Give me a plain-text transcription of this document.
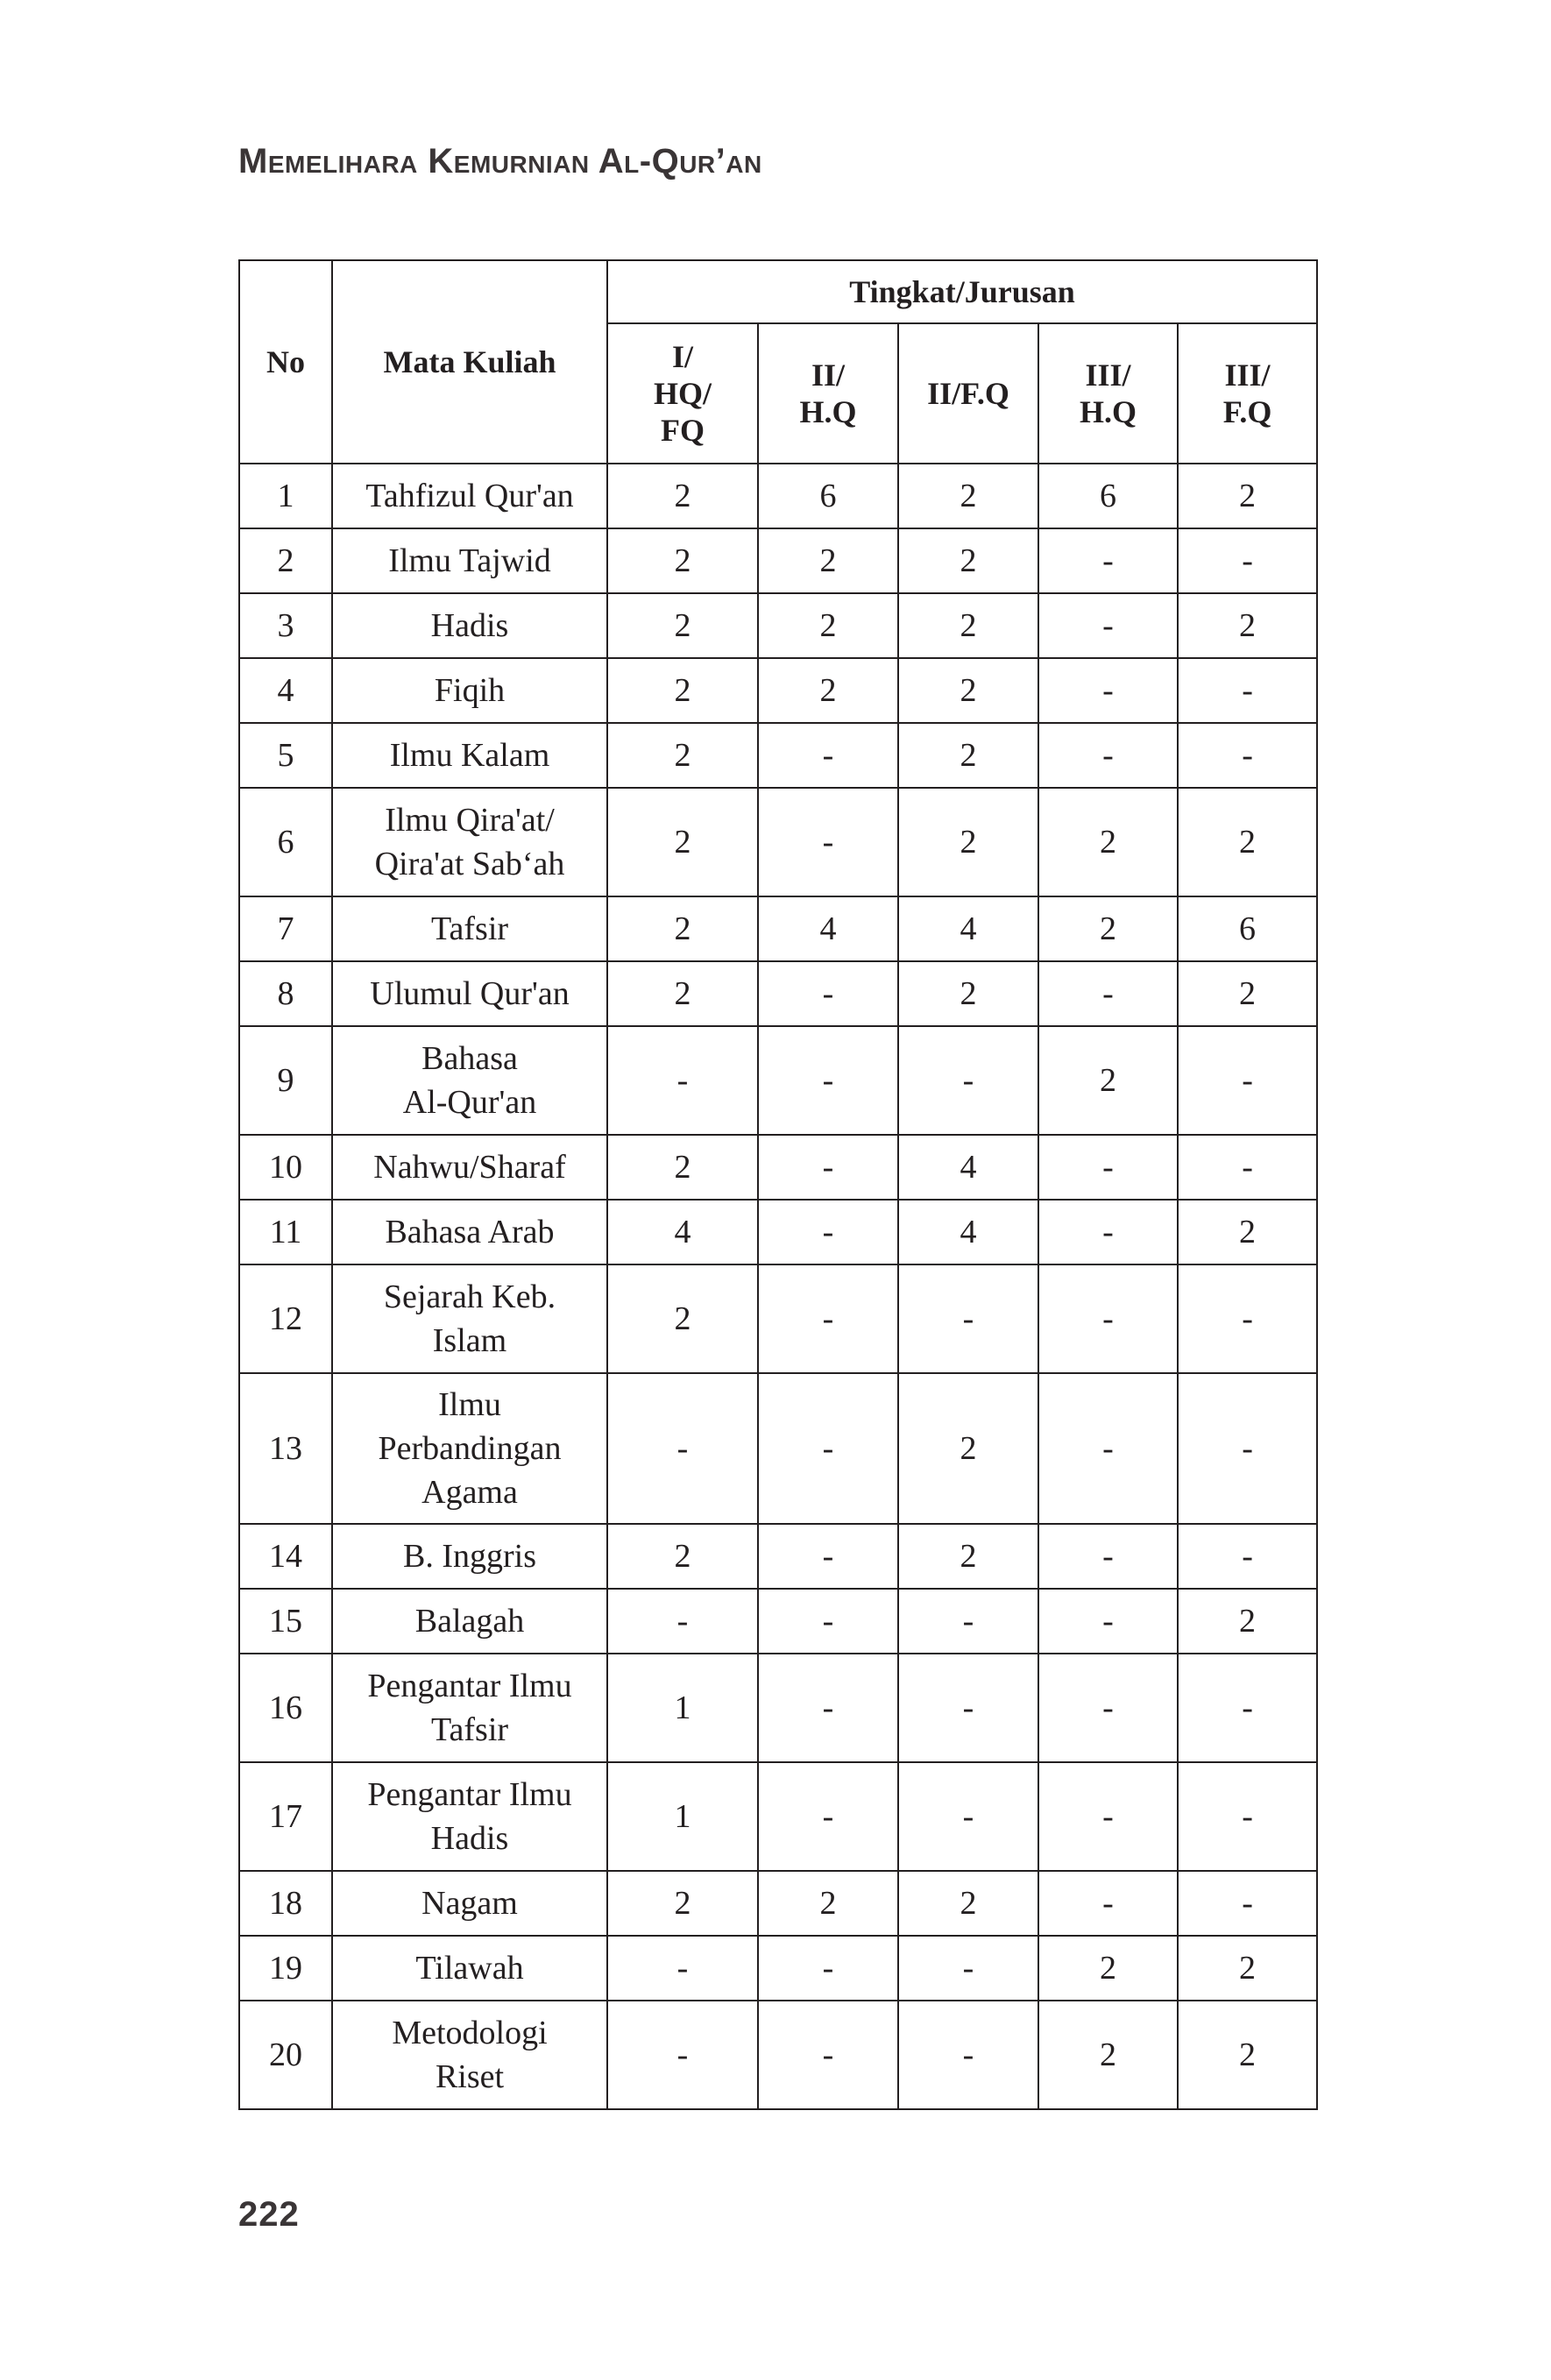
Memelihara Kemurnian Al-Qur’an
No	Mata Kuliah	Tingkat/Jurusan				
		I/
HQ/
FQ	II/
H.Q	II/F.Q	III/
H.Q	III/
F.Q
1	Tahfizul Qur'an	2	6	2	6	2
2	Ilmu Tajwid	2	2	2	-	-
3	Hadis	2	2	2	-	2
4	Fiqih	2	2	2	-	-
5	Ilmu Kalam	2	-	2	-	-
6	Ilmu Qira'at/
Qira'at Sab‘ah	2	-	2	2	2
7	Tafsir	2	4	4	2	6
8	Ulumul Qur'an	2	-	2	-	2
9	Bahasa
Al-Qur'an	-	-	-	2	-
10	Nahwu/Sharaf	2	-	4	-	-
11	Bahasa Arab	4	-	4	-	2
12	Sejarah Keb.
Islam	2	-	-	-	-
13	Ilmu
Perbandingan
Agama	-	-	2	-	-
14	B. Inggris	2	-	2	-	-
15	Balagah	-	-	-	-	2
16	Pengantar Ilmu
Tafsir	1	-	-	-	-
17	Pengantar Ilmu
Hadis	1	-	-	-	-
18	Nagam	2	2	2	-	-
19	Tilawah	-	-	-	2	2
20	Metodologi
Riset	-	-	-	2	2
222
